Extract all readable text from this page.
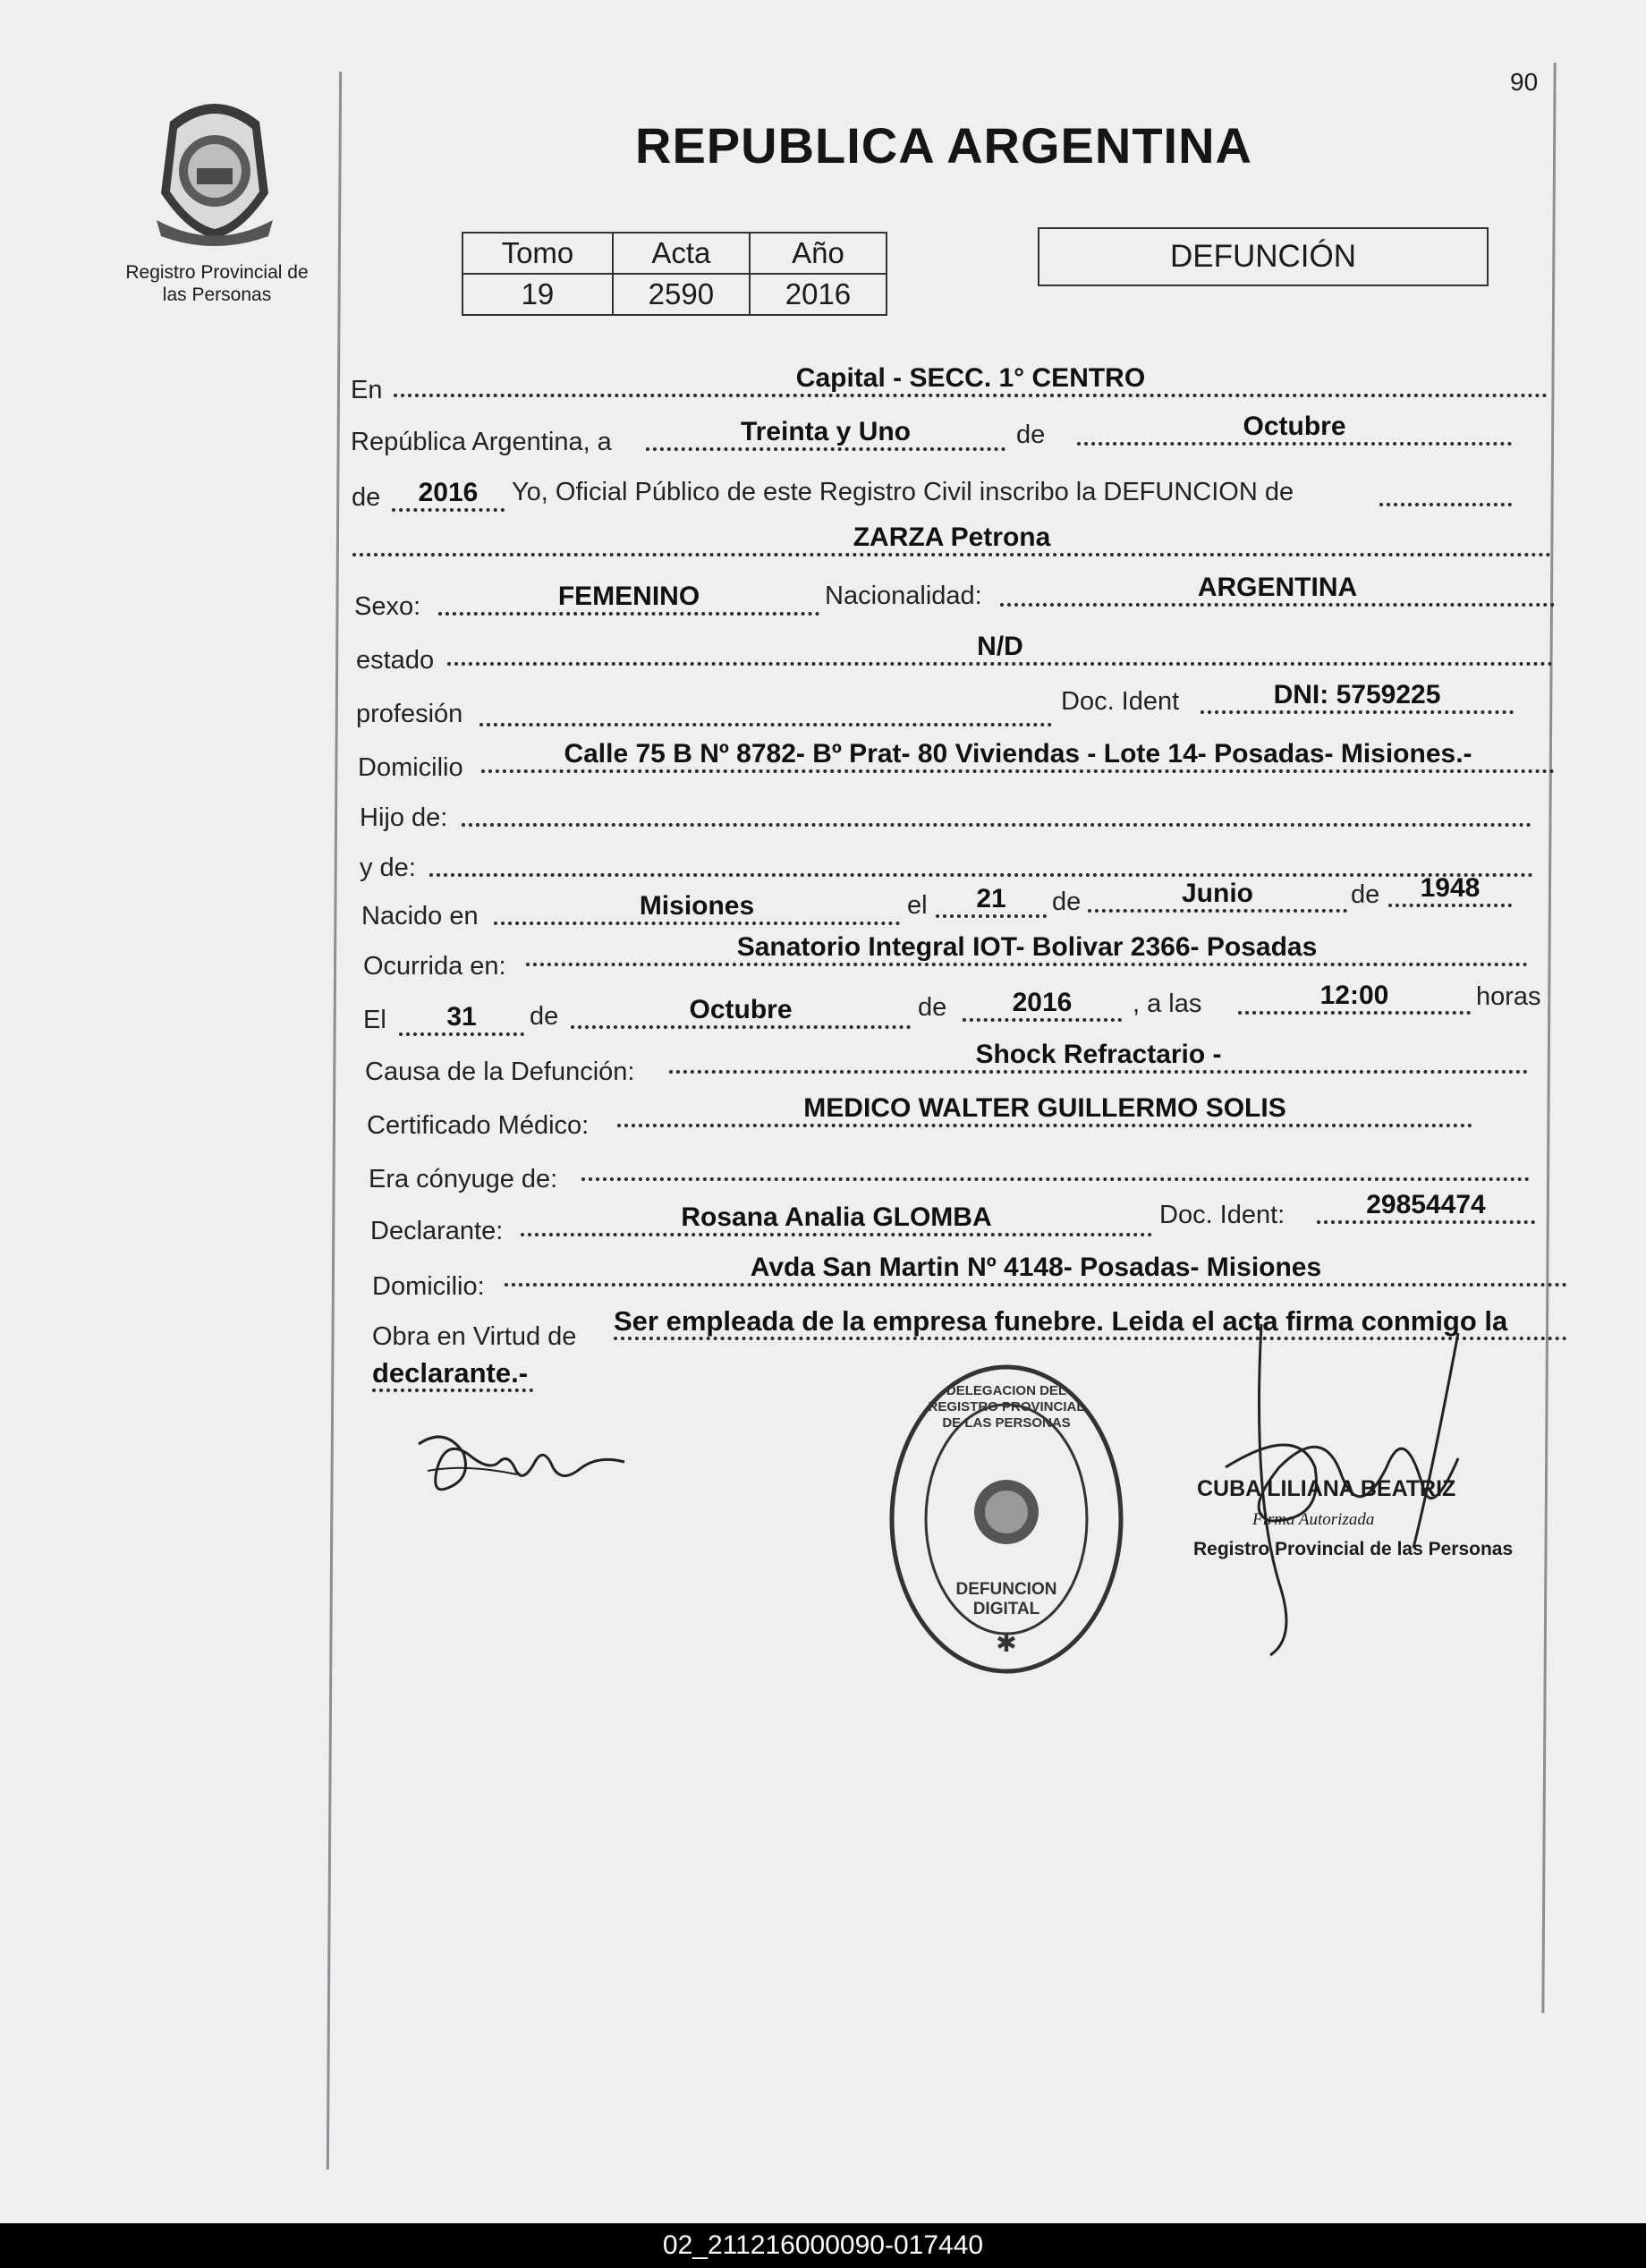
90
Registro Provincial de
las Personas
REPUBLICA ARGENTINA
Tomo	Acta	Año
19	2590	2016
DEFUNCIÓN
En	Capital - SECC. 1° CENTRO
República Argentina, a	Treinta y Uno	de	Octubre
de	2016	Yo, Oficial Público de este Registro Civil inscribo la DEFUNCION de
ZARZA Petrona
Sexo:	FEMENINO	Nacionalidad:	ARGENTINA
estado	N/D
profesión	Doc. Ident	DNI: 5759225
Domicilio	Calle 75 B Nº 8782- Bº Prat- 80 Viviendas - Lote 14- Posadas- Misiones.-
Hijo de:
y de:
Nacido en	Misiones	el	21	de	Junio	de	1948
Ocurrida en:
Sanatorio Integral IOT- Bolivar 2366- Posadas
El	31	de	Octubre	de	2016	, a las	12:00	horas
Causa de la Defunción:
Shock Refractario -
Certificado Médico:
MEDICO WALTER GUILLERMO SOLIS
Era cónyuge de:
Declarante:	Rosana Analia GLOMBA	Doc. Ident:	29854474
Domicilio:
Avda San Martin Nº 4148- Posadas- Misiones
Obra en Virtud de Ser empleada de la empresa funebre. Leida el acta firma conmigo la
declarante.-
✱
DELEGACION DEL REGISTRO PROVINCIAL DE LAS PERSONAS
DEFUNCION DIGITAL
CUBA LILIANA BEATRIZ
Firma Autorizada
Registro Provincial de las Personas
02_211216000090-017440
